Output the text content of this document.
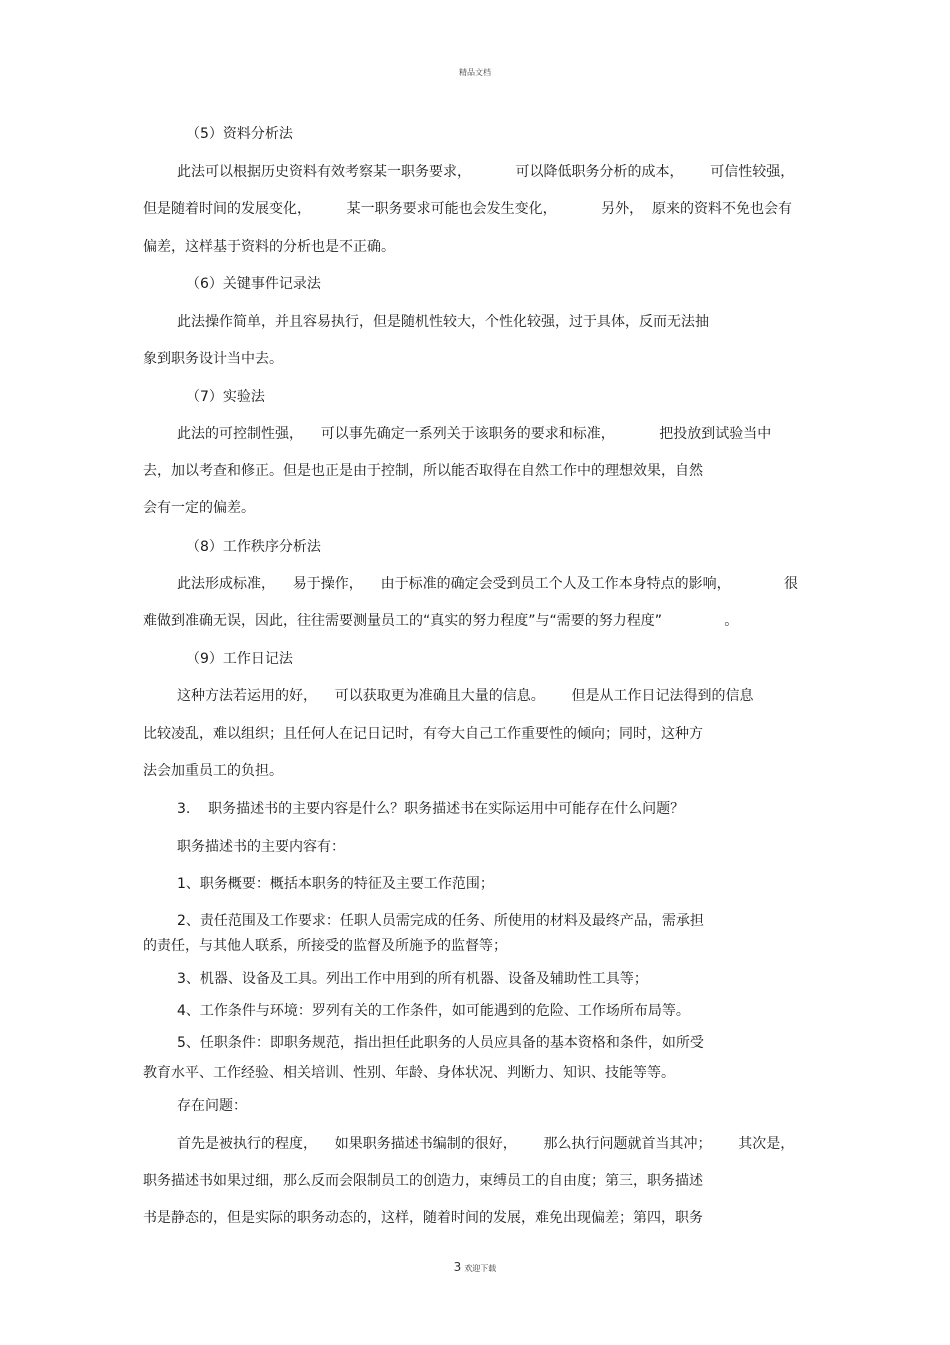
精品文档
（5）资料分析法
此法可以根据历史资料有效考察某一职务要求，          可以降低职务分析的成本，      可信性较强，
但是随着时间的发展变化，        某一职务要求可能也会发生变化，          另外，  原来的资料不免也会有
偏差，这样基于资料的分析也是不正确。
（6）关键事件记录法
此法操作简单，并且容易执行，但是随机性较大，个性化较强，过于具体，反而无法抽
象到职务设计当中去。
（7）实验法
此法的可控制性强，    可以事先确定一系列关于该职务的要求和标准，          把投放到试验当中
去，加以考查和修正。但是也正是由于控制，所以能否取得在自然工作中的理想效果，自然
会有一定的偏差。
（8）工作秩序分析法
此法形成标准，    易于操作，    由于标准的确定会受到员工个人及工作本身特点的影响，            很
难做到准确无误，因此，往往需要测量员工的“真实的努力程度”与“需要的努力程度”              。
（9）工作日记法
这种方法若运用的好，    可以获取更为准确且大量的信息。      但是从工作日记法得到的信息
比较凌乱，难以组织；且任何人在记日记时，有夸大自己工作重要性的倾向；同时，这种方
法会加重员工的负担。
3.    职务描述书的主要内容是什么？职务描述书在实际运用中可能存在什么问题？
职务描述书的主要内容有：
1、职务概要：概括本职务的特征及主要工作范围；
2、责任范围及工作要求：任职人员需完成的任务、所使用的材料及最终产品，需承担
的责任，与其他人联系，所接受的监督及所施予的监督等；
3、机器、设备及工具。列出工作中用到的所有机器、设备及辅助性工具等；
4、工作条件与环境：罗列有关的工作条件，如可能遇到的危险、工作场所布局等。
5、任职条件：即职务规范，指出担任此职务的人员应具备的基本资格和条件，如所受
教育水平、工作经验、相关培训、性别、年龄、身体状况、判断力、知识、技能等等。
存在问题：
首先是被执行的程度，    如果职务描述书编制的很好，      那么执行问题就首当其冲；      其次是，
职务描述书如果过细，那么反而会限制员工的创造力，束缚员工的自由度；第三，职务描述
书是静态的，但是实际的职务动态的，这样，随着时间的发展，难免出现偏差；第四，职务
3 欢迎下载
